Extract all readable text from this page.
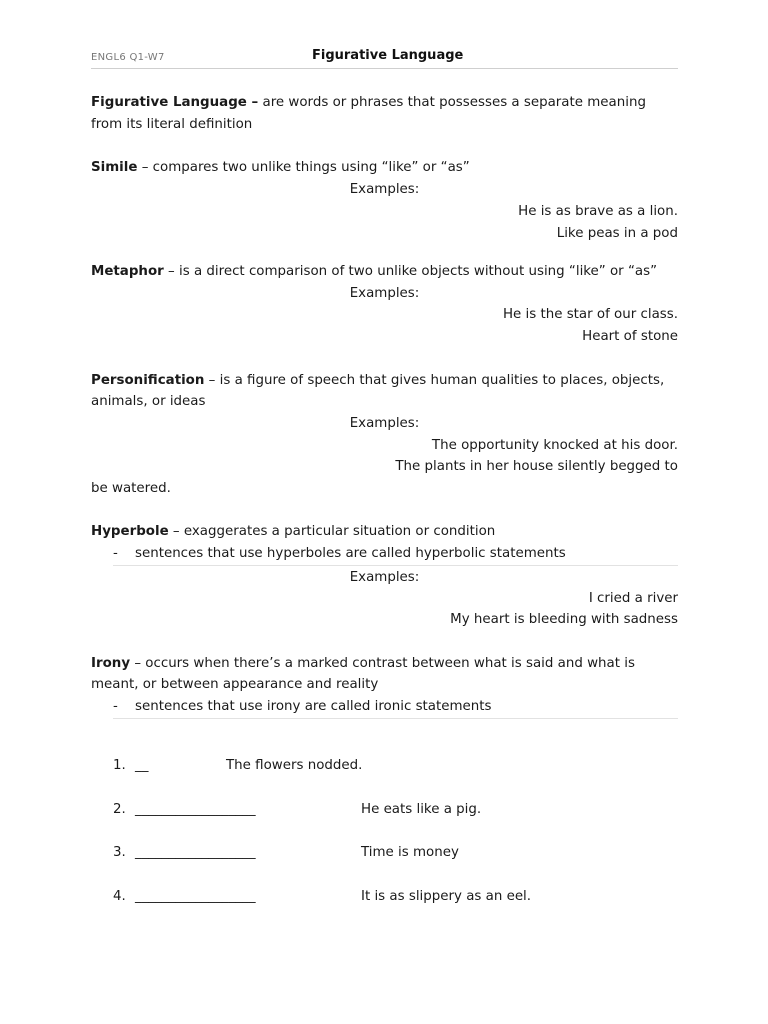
ENGL6 Q1-W7	Figurative Language
Figurative Language – are words or phrases that possesses a separate meaning
from its literal definition
Simile – compares two unlike things using “like” or “as”
Examples:
He is as brave as a lion.
Like peas in a pod
Metaphor – is a direct comparison of two unlike objects without using “like” or “as”
Examples:
He is the star of our class.
Heart of stone
Personification – is a figure of speech that gives human qualities to places, objects,
animals, or ideas
Examples:
The opportunity knocked at his door.
The plants in her house silently begged to
be watered.
Hyperbole – exaggerates a particular situation or condition
- sentences that use hyperboles are called hyperbolic statements
Examples:
I cried a river
My heart is bleeding with sadness
Irony – occurs when there’s a marked contrast between what is said and what is
meant, or between appearance and reality
- sentences that use irony are called ironic statements
1. __	The flowers nodded.
2. __________________	He eats like a pig.
3. __________________	Time is money
4. __________________	It is as slippery as an eel.
